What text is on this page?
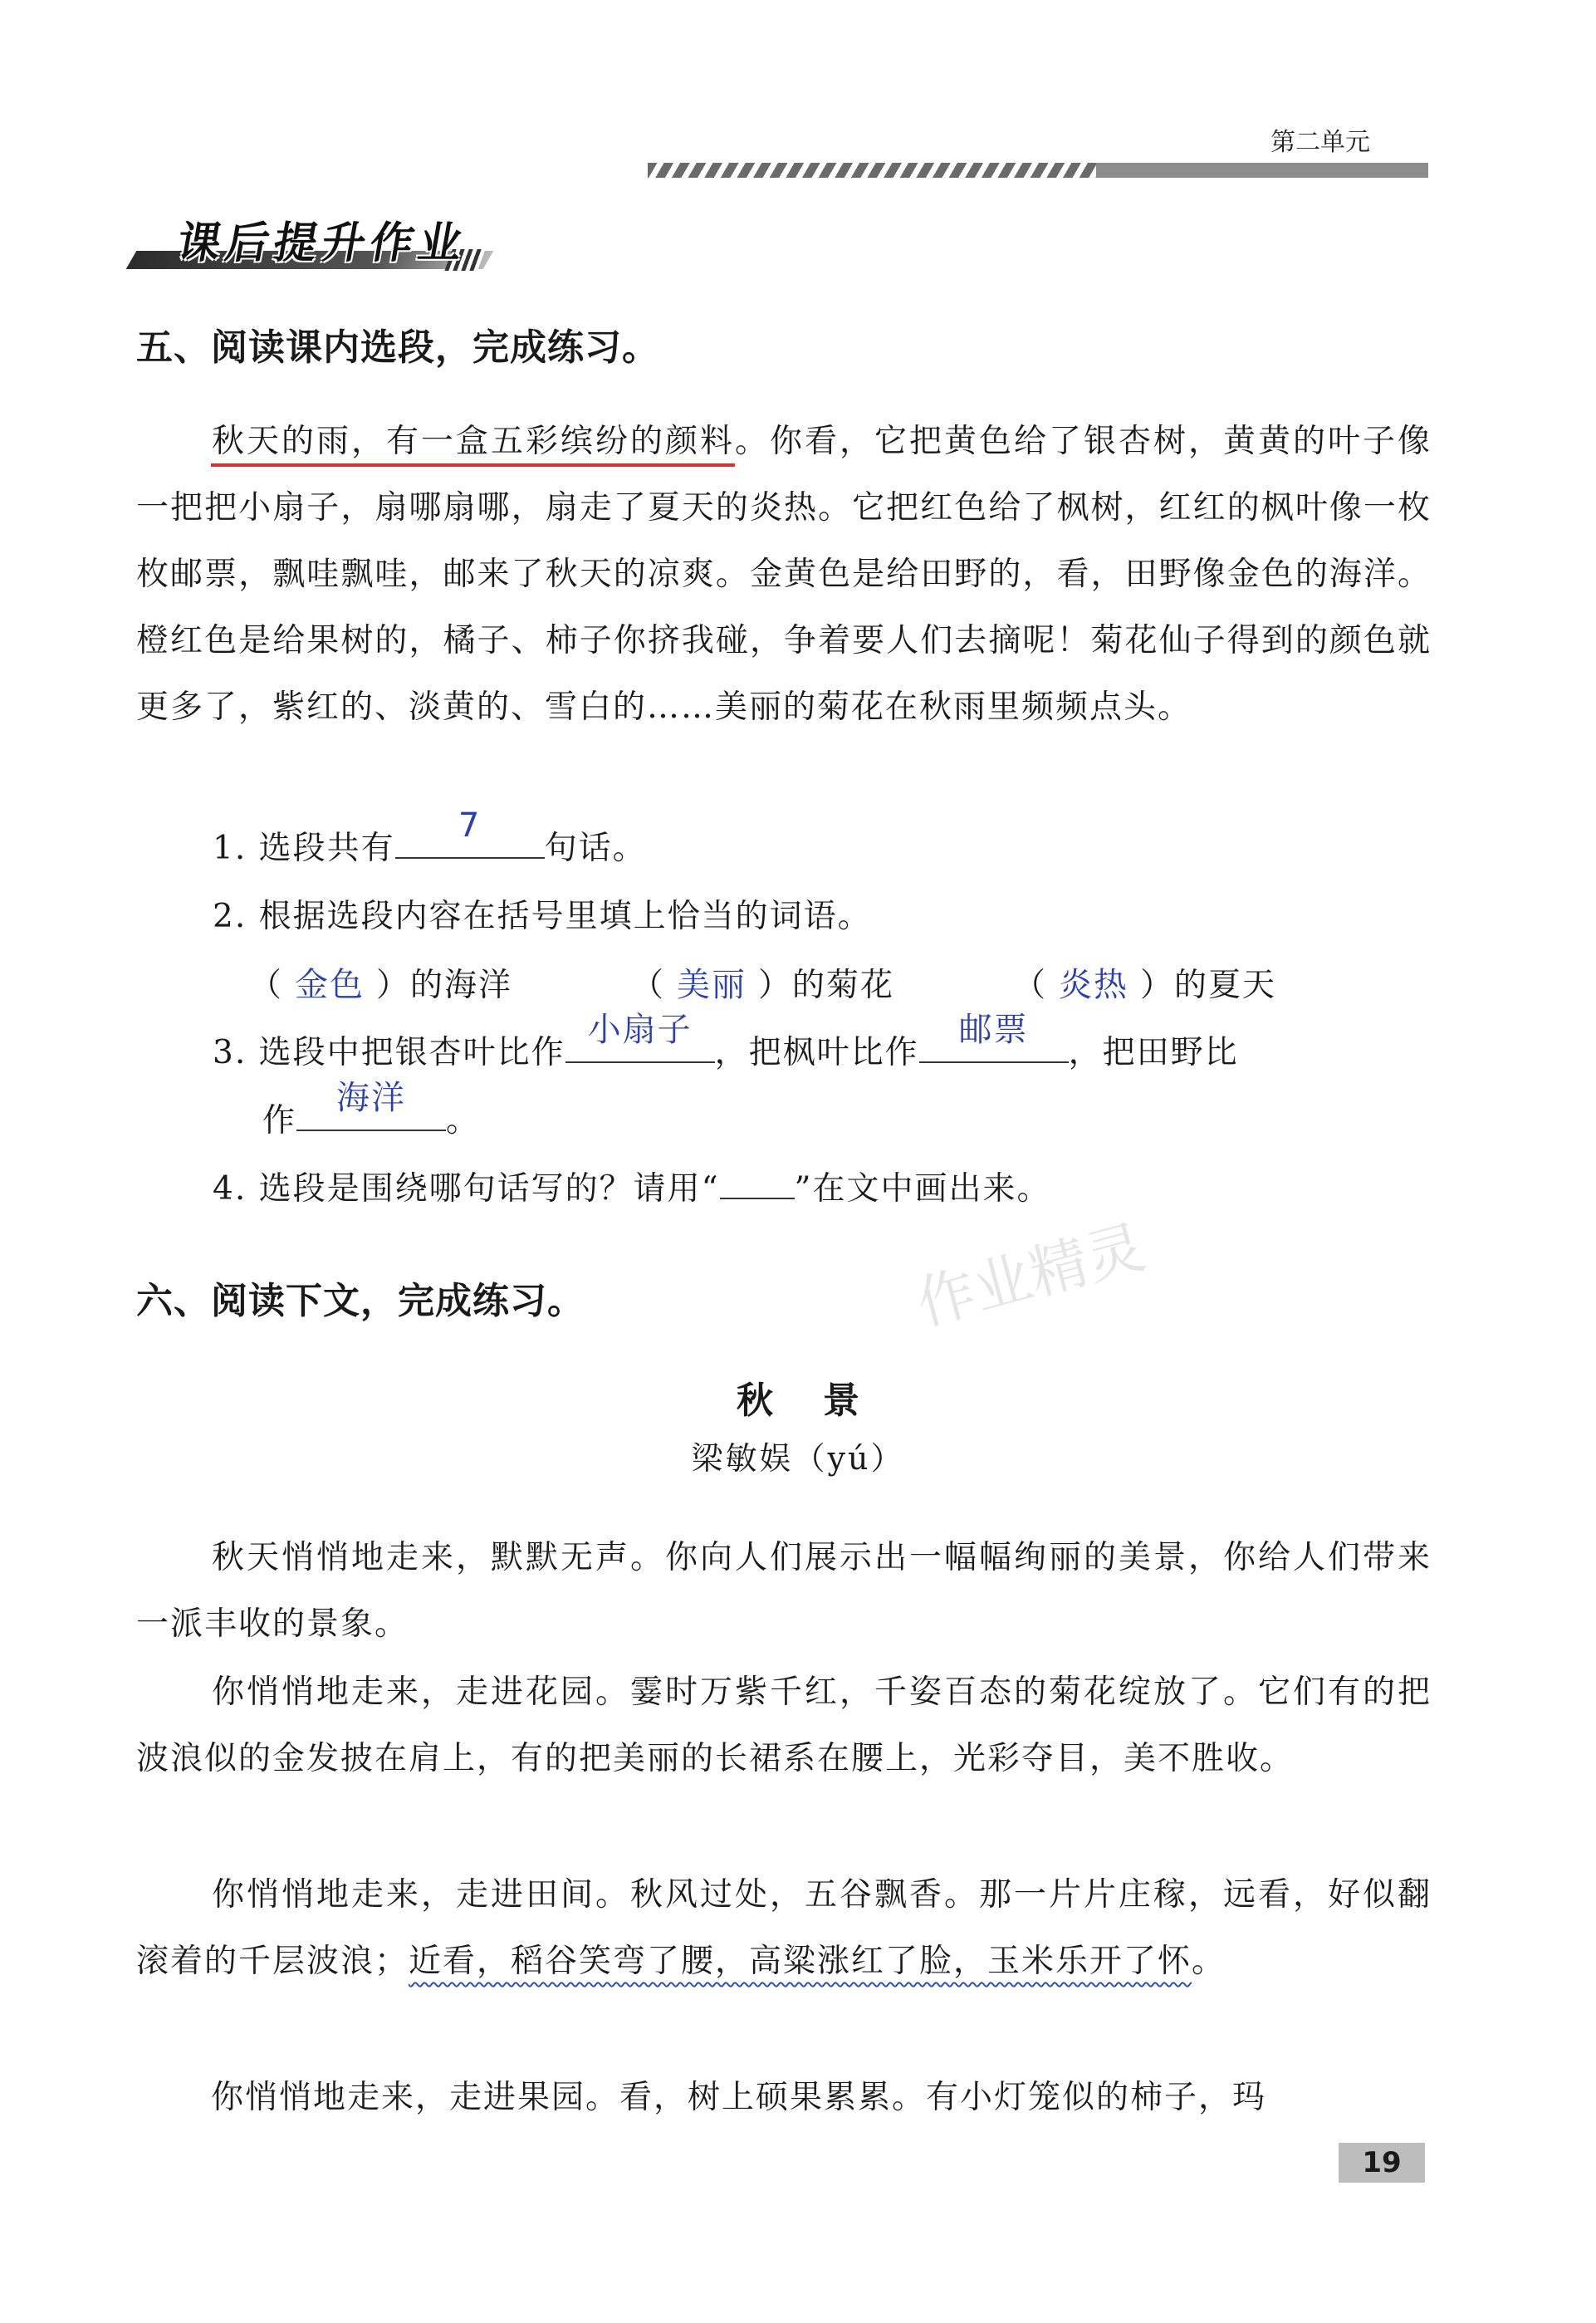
第二单元
课后提升作业
五、阅读课内选段，完成练习。
秋天的雨，有一盒五彩缤纷的颜料。你看，它把黄色给了银杏树，黄黄的叶子像一把把小扇子，扇哪扇哪，扇走了夏天的炎热。它把红色给了枫树，红红的枫叶像一枚枚邮票，飘哇飘哇，邮来了秋天的凉爽。金黄色是给田野的，看，田野像金色的海洋。橙红色是给果树的，橘子、柿子你挤我碰，争着要人们去摘呢！菊花仙子得到的颜色就更多了，紫红的、淡黄的、雪白的……美丽的菊花在秋雨里频频点头。
1. 选段共有
7
句话。
2. 根据选段内容在括号里填上恰当的词语。
（ 金色 ）的海洋	（ 美丽 ）的菊花	（ 炎热 ）的夏天
3. 选段中把银杏叶比作
小扇子
，把枫叶比作
邮票
，把田野比
作
海洋
。
4. 选段是围绕哪句话写的？请用“ ”在文中画出来。
作业精灵
六、阅读下文，完成练习。
秋景
梁敏娱（yú）
秋天悄悄地走来，默默无声。你向人们展示出一幅幅绚丽的美景，你给人们带来一派丰收的景象。
你悄悄地走来，走进花园。霎时万紫千红，千姿百态的菊花绽放了。它们有的把波浪似的金发披在肩上，有的把美丽的长裙系在腰上，光彩夺目，美不胜收。
你悄悄地走来，走进田间。秋风过处，五谷飘香。那一片片庄稼，远看，好似翻滚着的千层波浪；近看，稻谷笑弯了腰，高粱涨红了脸，玉米乐开了怀。
你悄悄地走来，走进果园。看，树上硕果累累。有小灯笼似的柿子，玛
19
